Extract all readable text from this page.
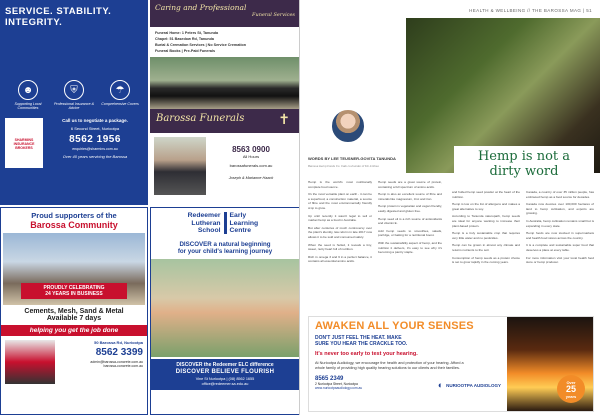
SERVICE. STABILITY.
INTEGRITY.
☻	⛨	☂
Supporting Local Communities
Professional Insurance & Advice
Comprehensive Covers
SHARMINS INSURANCE BROKERS
Call us to negotiate a package.
6 Second Street, Nuriootpa
8562 1956
enquiries@sharmins.com.au
Over 40 years servicing the Barossa
Caring and Professional
Funeral Services
Funeral Home: 1 Peters St, Tanunda
Chapel: 51 Basedow Rd, Tanunda
Burial & Cremation Services | No Service Cremation
Funeral Books | Pre-Paid Funerals
Barossa Funerals	✝
8563 0900
All Hours
barossafunerals.com.au
Joseph & Marianne Haack
Proud supporters of the
Barossa Community
PROUDLY CELEBRATING
24 YEARS IN BUSINESS
Cements, Mesh, Sand & Metal
Available 7 days
helping you get the job done
50 Barossa Rd, Nuriootpa
8562 3399
admin@barossa-concrete.com.au
barossa-concrete.com.au
Redeemer
Lutheran
School
Early
Learning
Centre
DISCOVER a natural beginning
for your child's learning journey
DISCOVER the Redeemer ELC difference
DISCOVER BELIEVE FLOURISH
Vine St Nuriootpa | (08) 8562 1655
office@redeemer.sa.edu.au
HEALTH & WELLBEING // THE BAROSSA MAG | 51
WORDS BY LEE TEUSNER-GOVITA TANUNDA
Barossa Hemp Foods Co. Cafe co-founder of Kin & Rose
Hemp is not a
dirty word

Hemp is the world's most nutritionally complete food source.

It's the most versatile plant on earth - it can be a superfood, a construction material, a source of fibre and the most environmentally friendly crop to grow.

Up until recently it wasn't legal to sell or market hemp as a food in Australia.

But after centuries of much controversy over the plant's identity, law reform in late 2017 now allows it to be sold and consumed safely.

When the seed is hulled, it reveals a tiny, sweet, nutty heart full of nutrition.

Rich in omega 3 and 6 in a perfect balance, it contains all essential amino acids.

Hemp seeds are a great source of protein, containing a full spectrum of amino acids.

Hemp is also an excellent source of fibre and minerals like magnesium, zinc and iron.

Hemp protein is vegetarian and vegan friendly, easily digested and gluten free.

Hemp seed oil is a rich source of antioxidants and vitamin E.

Add hemp seeds to smoothies, salads, porridge, or baking for a nutritional boost.

With the sustainability aspect of hemp, and the nutrition it delivers, it's easy to see why it's becoming a pantry staple.

and hulled hemp seed powder at the heart of the nutrition.

Hemp is low on the list of allergens and makes a great alternative to soy.

According to Tanunda naturopath, hemp seeds are ideal for anyone wanting to increase their plant-based protein.

Hemp is a truly sustainable crop that requires very little water and no pesticides.

Hemp can be grown in almost any climate and returns nutrients to the soil.

Consumption of hemp seeds as a protein choice is set to grow rapidly in the coming years.

Canada, a country of over 35 million people, has embraced hemp as a food source for decades.

Canada now devotes over 100,000 hectares of land to hemp cultivation, and exports are growing.

In Australia, hemp cultivation remains small but is expanding in every state.

Hemp foods are now stocked in supermarkets and health food stores across the country.

It is a complete and sustainable super food that deserves a place at every table.

For more information visit your local health food store or hemp producer.

AWAKEN ALL YOUR SENSES
DON'T JUST FEEL THE HEAT. MAKE
SURE YOU HEAR THE CRACKLE TOO.
It's never too early to test your hearing.
At Nuriootpa Audiology, we encourage the health and protection of your hearing. Afford a whole family of providing high quality hearing solutions to our clients and their families.
8565 2349
2 Nuriootpa Street, Nuriootpa
www.nuriootpaaudiology.com.au	◐ NURIOOTPA AUDIOLOGY	Over
25
years
